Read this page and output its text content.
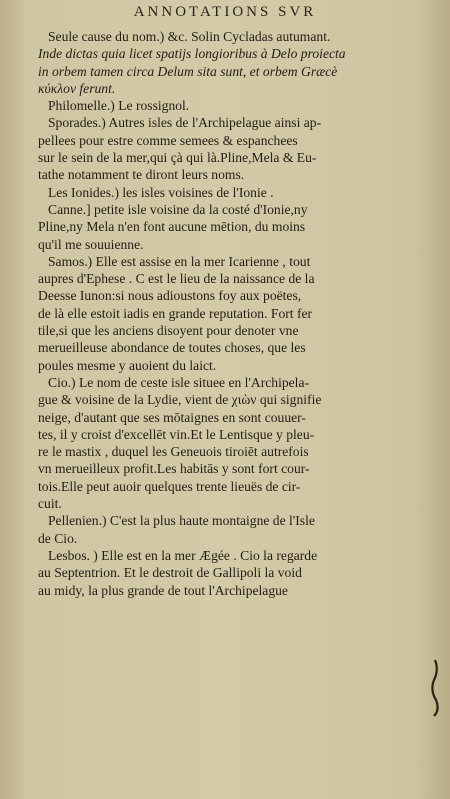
ANNOTATIONS SVR
Seule cause du nom.) &c. Solin Cycladas autumant.
Inde dictas quia licet spatijs longioribus à Delo proiecta
in orbem tamen circa Delum sita sunt, et orbem Græcè
κύκλον ferunt.
Philomelle.) Le rossignol.
Sporades.) Autres isles de l'Archipelague ainsi ap-
pellees pour estre comme semees & espanchees
sur le sein de la mer,qui çà qui là.Pline,Mela & Eu-
tathe notamment te diront leurs noms.
Les Ionides.) les isles voisines de l'Ionie .
Canne.] petite isle voisine da la costé d'Ionie,ny
Pline,ny Mela n'en font aucune mētion, du moins
qu'il me souuienne.
Samos.) Elle est assise en la mer Icarienne , tout
aupres d'Ephese . C est le lieu de la naissance de la
Deesse Iunon:si nous adioustons foy aux poëtes,
de là elle estoit iadis en grande reputation. Fort fer
tile,si que les anciens disoyent pour denoter vne
merueilleuse abondance de toutes choses, que les
poules mesme y auoient du laict.
Cio.) Le nom de ceste isle situee en l'Archipela-
gue & voisine de la Lydie, vient de χιὼν qui signifie
neige, d'autant que ses mōtaignes en sont couuer-
tes, il y croist d'excellēt vin.Et le Lentisque y pleu-
re le mastix , duquel les Geneuois tiroiēt autrefois
vn merueilleux profit.Les habitās y sont fort cour-
tois.Elle peut auoir quelques trente lieuës de cir-
cuit.
Pellenien.) C'est la plus haute montaigne de l'Isle
de Cio.
Lesbos. ) Elle est en la mer Ægée . Cio la regarde
au Septentrion. Et le destroit de Gallipoli la void
au midy, la plus grande de tout l'Archipelague
